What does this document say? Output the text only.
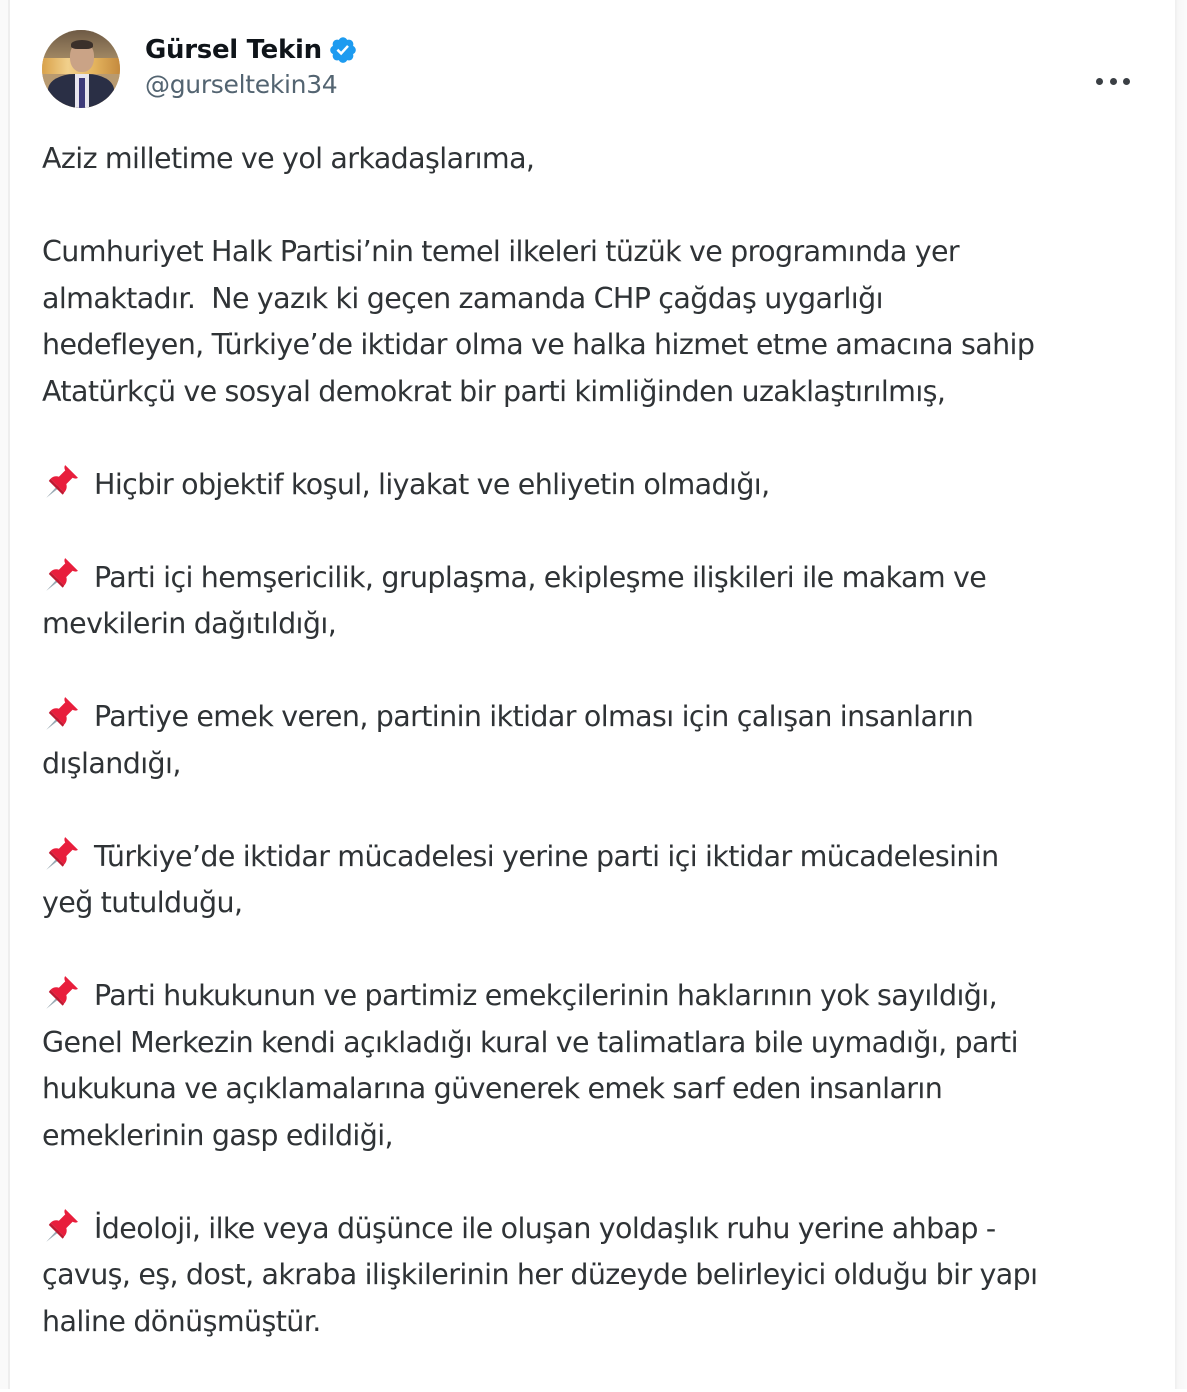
Gürsel Tekin
@gurseltekin34

Aziz milletime ve yol arkadaşlarıma,

Cumhuriyet Halk Partisi’nin temel ilkeleri tüzük ve programında yer
almaktadır.  Ne yazık ki geçen zamanda CHP çağdaş uygarlığı
hedefleyen, Türkiye’de iktidar olma ve halka hizmet etme amacına sahip
Atatürkçü ve sosyal demokrat bir parti kimliğinden uzaklaştırılmış,

Hiçbir objektif koşul, liyakat ve ehliyetin olmadığı,

Parti içi hemşericilik, gruplaşma, ekipleşme ilişkileri ile makam ve
mevkilerin dağıtıldığı,

Partiye emek veren, partinin iktidar olması için çalışan insanların
dışlandığı,

Türkiye’de iktidar mücadelesi yerine parti içi iktidar mücadelesinin
yeğ tutulduğu,

Parti hukukunun ve partimiz emekçilerinin haklarının yok sayıldığı,
Genel Merkezin kendi açıkladığı kural ve talimatlara bile uymadığı, parti
hukukuna ve açıklamalarına güvenerek emek sarf eden insanların
emeklerinin gasp edildiği,

İdeoloji, ilke veya düşünce ile oluşan yoldaşlık ruhu yerine ahbap -
çavuş, eş, dost, akraba ilişkilerinin her düzeyde belirleyici olduğu bir yapı
haline dönüşmüştür.
